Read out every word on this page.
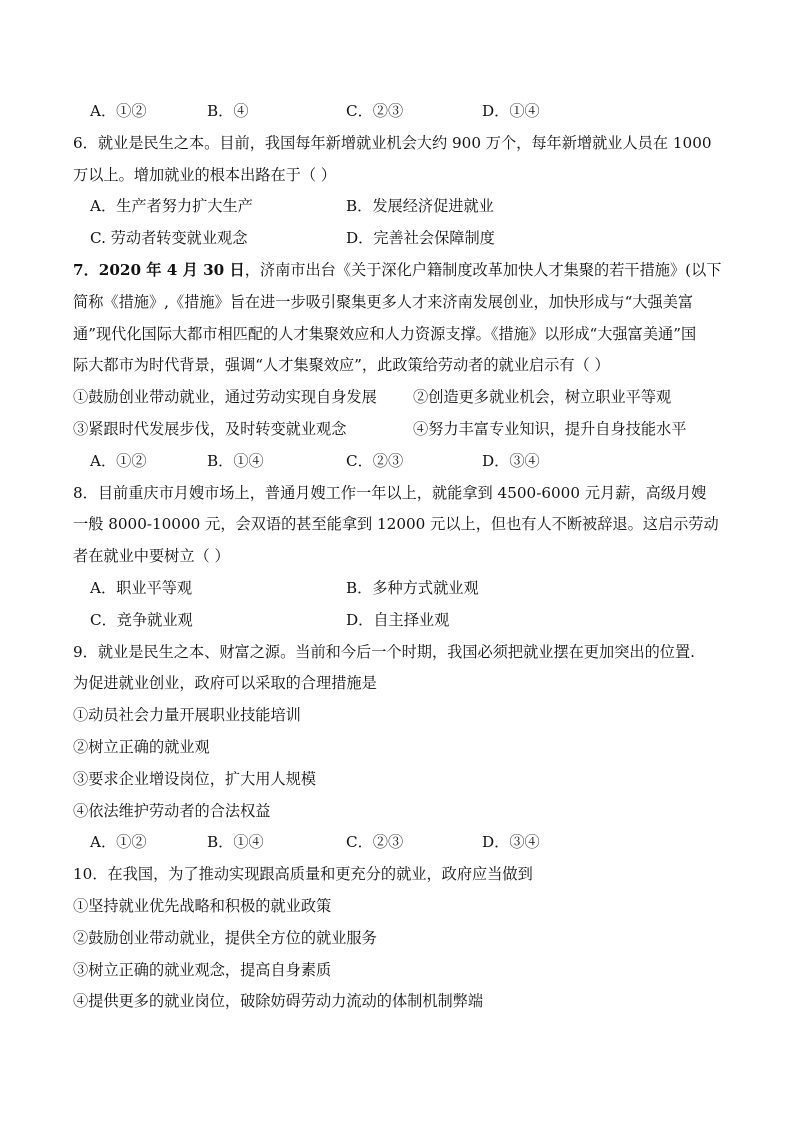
A．①②	B．④	C．②③	D．①④
6．就业是民生之本。目前，我国每年新增就业机会大约 900 万个，每年新增就业人员在 1000
万以上。增加就业的根本出路在于（ ）
A．生产者努力扩大生产	B．发展经济促进就业
C. 劳动者转变就业观念	D．完善社会保障制度
7．2020 年 4 月 30 日，济南市出台《关于深化户籍制度改革加快人才集聚的若干措施》(以下
简称《措施》,《措施》旨在进一步吸引聚集更多人才来济南发展创业，加快形成与“大强美富
通”现代化国际大都市相匹配的人才集聚效应和人力资源支撑。《措施》以形成“大强富美通”国
际大都市为时代背景，强调“人才集聚效应”，此政策给劳动者的就业启示有（ ）
①鼓励创业带动就业，通过劳动实现自身发展	②创造更多就业机会，树立职业平等观
③紧跟时代发展步伐，及时转变就业观念	④努力丰富专业知识，提升自身技能水平
A．①②	B．①④	C．②③	D．③④
8．目前重庆市月嫂市场上，普通月嫂工作一年以上，就能拿到 4500-6000 元月薪，高级月嫂
一般 8000-10000 元，会双语的甚至能拿到 12000 元以上，但也有人不断被辞退。这启示劳动
者在就业中要树立（ ）
A．职业平等观	B．多种方式就业观
C．竞争就业观	D．自主择业观
9．就业是民生之本、财富之源。当前和今后一个时期，我国必须把就业摆在更加突出的位置.
为促进就业创业，政府可以采取的合理措施是
①动员社会力量开展职业技能培训
②树立正确的就业观
③要求企业增设岗位，扩大用人规模
④依法维护劳动者的合法权益
A．①②	B．①④	C．②③	D．③④
10．在我国，为了推动实现跟高质量和更充分的就业，政府应当做到
①坚持就业优先战略和积极的就业政策
②鼓励创业带动就业，提供全方位的就业服务
③树立正确的就业观念，提高自身素质
④提供更多的就业岗位，破除妨碍劳动力流动的体制机制弊端
